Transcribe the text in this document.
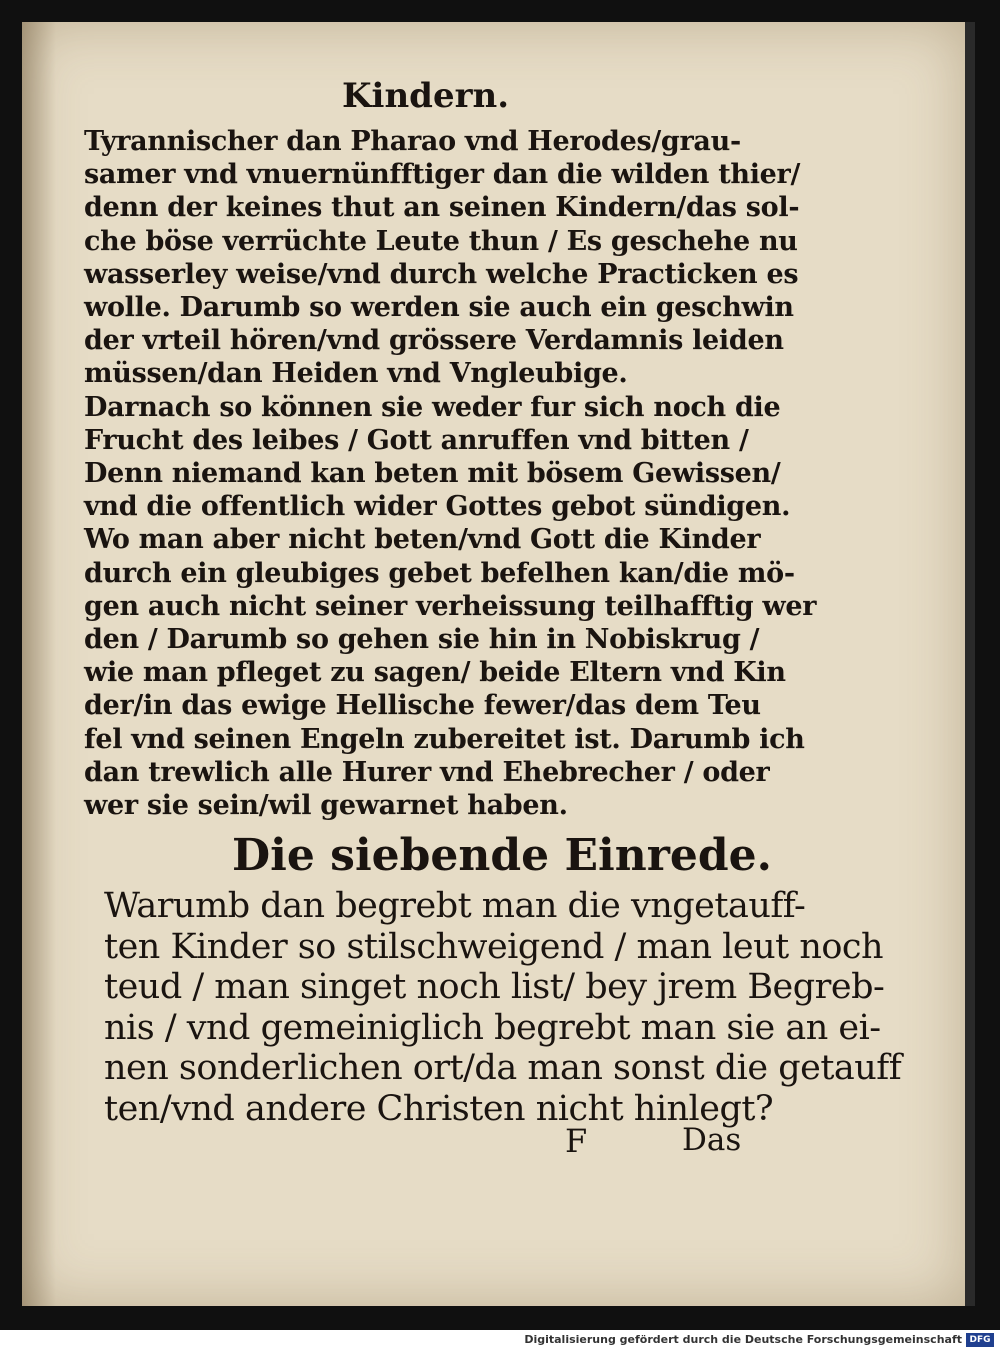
Kindern.
Tyrannischer dan Pharao vnd Herodes/grau-
samer vnd vnuernünfftiger dan die wilden thier/
denn der keines thut an seinen Kindern/das sol-
che böse verrüchte Leute thun / Es geschehe nu
wasserley weise/vnd durch welche Practicken es
wolle. Darumb so werden sie auch ein geschwin
der vrteil hören/vnd grössere Verdamnis leiden
müssen/dan Heiden vnd Vngleubige.
Darnach so können sie weder fur sich noch die
Frucht des leibes / Gott anruffen vnd bitten /
Denn niemand kan beten mit bösem Gewissen/
vnd die offentlich wider Gottes gebot sündigen.
Wo man aber nicht beten/vnd Gott die Kinder
durch ein gleubiges gebet befelhen kan/die mö-
gen auch nicht seiner verheissung teilhafftig wer
den / Darumb so gehen sie hin in Nobiskrug /
wie man pfleget zu sagen/ beide Eltern vnd Kin
der/in das ewige Hellische fewer/das dem Teu
fel vnd seinen Engeln zubereitet ist. Darumb ich
dan trewlich alle Hurer vnd Ehebrecher / oder
wer sie sein/wil gewarnet haben.
Die siebende Einrede.
Warumb dan begrebt man die vngetauff-
ten Kinder so stilschweigend / man leut noch
teud / man singet noch list/ bey jrem Begreb-
nis / vnd gemeiniglich begrebt man sie an ei-
nen sonderlichen ort/da man sonst die getauff
ten/vnd andere Christen nicht hinlegt?
F	Das
Digitalisierung gefördert durch die Deutsche Forschungsgemeinschaft DFG
